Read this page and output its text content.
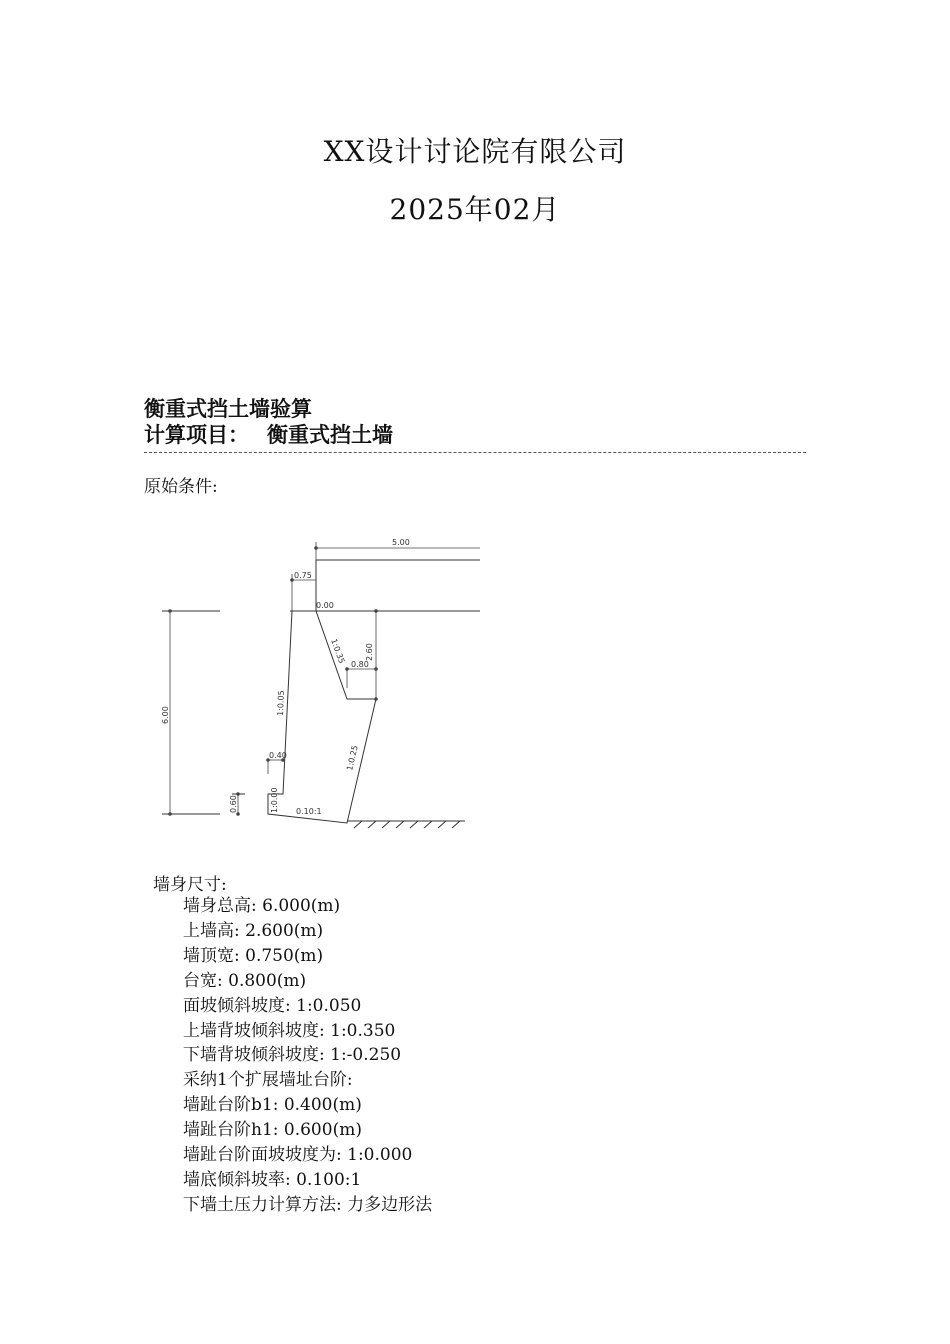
XX设计讨论院有限公司
2025年02月
衡重式挡土墙验算
计算项目： 衡重式挡土墙
原始条件:
5.00
0.75
0.00
6.00
1:0.35 2.60
0.80
1:0.05
1:0.25
0.40
0.60	1:0.00 0.10:1
墙身尺寸:
墙身总高: 6.000(m)
上墙高: 2.600(m)
墙顶宽: 0.750(m)
台宽: 0.800(m)
面坡倾斜坡度: 1:0.050
上墙背坡倾斜坡度: 1:0.350
下墙背坡倾斜坡度: 1:-0.250
采纳1个扩展墙址台阶:
墙趾台阶b1: 0.400(m)
墙趾台阶h1: 0.600(m)
墙趾台阶面坡坡度为: 1:0.000
墙底倾斜坡率: 0.100:1
下墙土压力计算方法: 力多边形法
